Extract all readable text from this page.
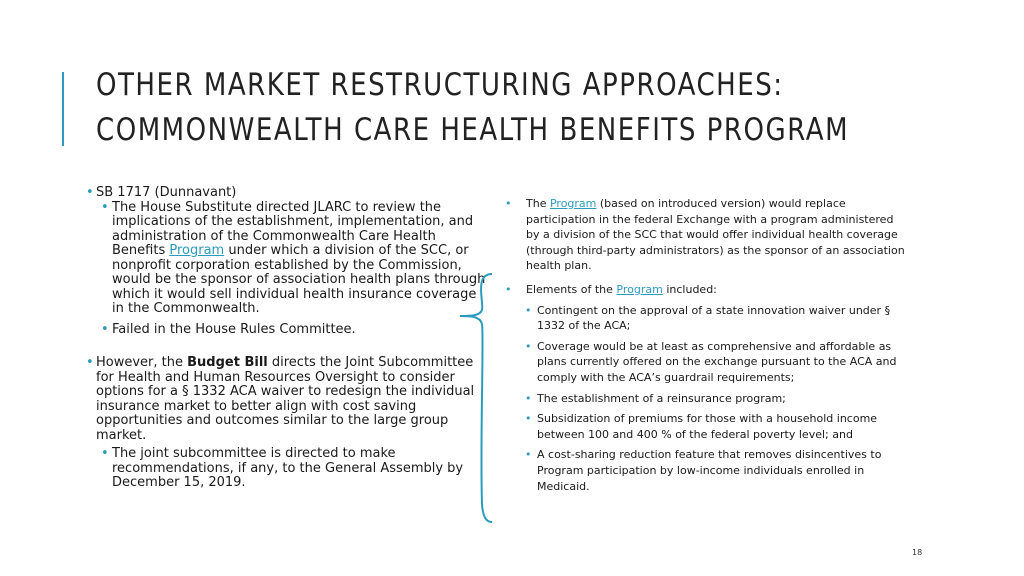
OTHER MARKET RESTRUCTURING APPROACHES:
COMMONWEALTH CARE HEALTH BENEFITS PROGRAM
• SB 1717 (Dunnavant)
• The House Substitute directed JLARC to review the implications of the establishment, implementation, and administration of the Commonwealth Care Health Benefits Program under which a division of the SCC, or nonprofit corporation established by the Commission, would be the sponsor of association health plans through which it would sell individual health insurance coverage in the Commonwealth.
• Failed in the House Rules Committee.
• However, the Budget Bill directs the Joint Subcommittee for Health and Human Resources Oversight to consider options for a § 1332 ACA waiver to redesign the individual insurance market to better align with cost saving opportunities and outcomes similar to the large group market.
• The joint subcommittee is directed to make recommendations, if any, to the General Assembly by December 15, 2019.
• The Program (based on introduced version) would replace participation in the federal Exchange with a program administered by a division of the SCC that would offer individual health coverage (through third-party administrators) as the sponsor of an association health plan.
• Elements of the Program included:
• Contingent on the approval of a state innovation waiver under § 1332 of the ACA;
• Coverage would be at least as comprehensive and affordable as plans currently offered on the exchange pursuant to the ACA and comply with the ACA’s guardrail requirements;
• The establishment of a reinsurance program;
• Subsidization of premiums for those with a household income between 100 and 400 % of the federal poverty level; and
• A cost-sharing reduction feature that removes disincentives to Program participation by low-income individuals enrolled in Medicaid.
18
